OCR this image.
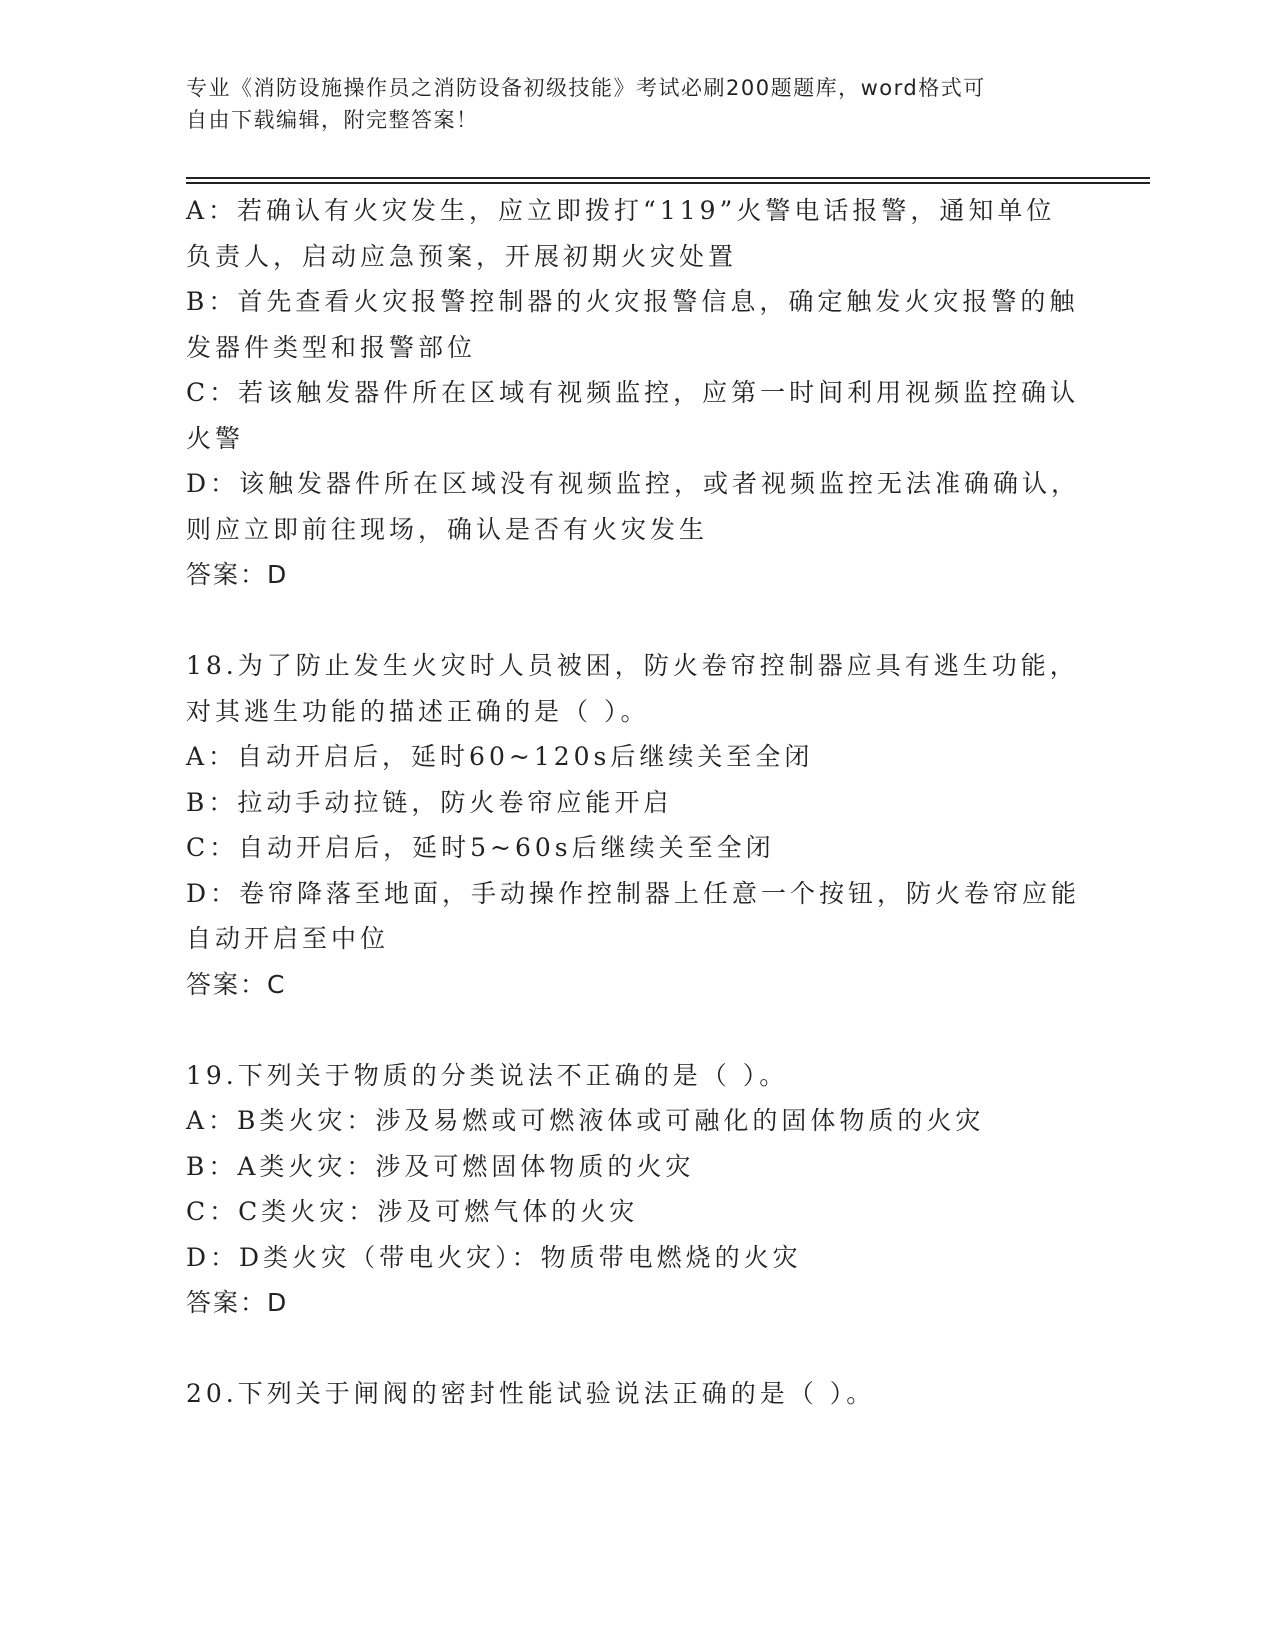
专业《消防设施操作员之消防设备初级技能》考试必刷200题题库，word格式可
自由下载编辑，附完整答案！
A：若确认有火灾发生，应立即拨打“119”火警电话报警，通知单位
负责人，启动应急预案，开展初期火灾处置
B：首先查看火灾报警控制器的火灾报警信息，确定触发火灾报警的触
发器件类型和报警部位
C：若该触发器件所在区域有视频监控，应第一时间利用视频监控确认
火警
D：该触发器件所在区域没有视频监控，或者视频监控无法准确确认，
则应立即前往现场，确认是否有火灾发生
答案：D
18.为了防止发生火灾时人员被困，防火卷帘控制器应具有逃生功能，
对其逃生功能的描述正确的是（ ）。
A：自动开启后，延时60~120s后继续关至全闭
B：拉动手动拉链，防火卷帘应能开启
C：自动开启后，延时5~60s后继续关至全闭
D：卷帘降落至地面，手动操作控制器上任意一个按钮，防火卷帘应能
自动开启至中位
答案：C
19.下列关于物质的分类说法不正确的是（ ）。
A：B类火灾：涉及易燃或可燃液体或可融化的固体物质的火灾
B：A类火灾：涉及可燃固体物质的火灾
C：C类火灾：涉及可燃气体的火灾
D：D类火灾（带电火灾）：物质带电燃烧的火灾
答案：D
20.下列关于闸阀的密封性能试验说法正确的是（ ）。
